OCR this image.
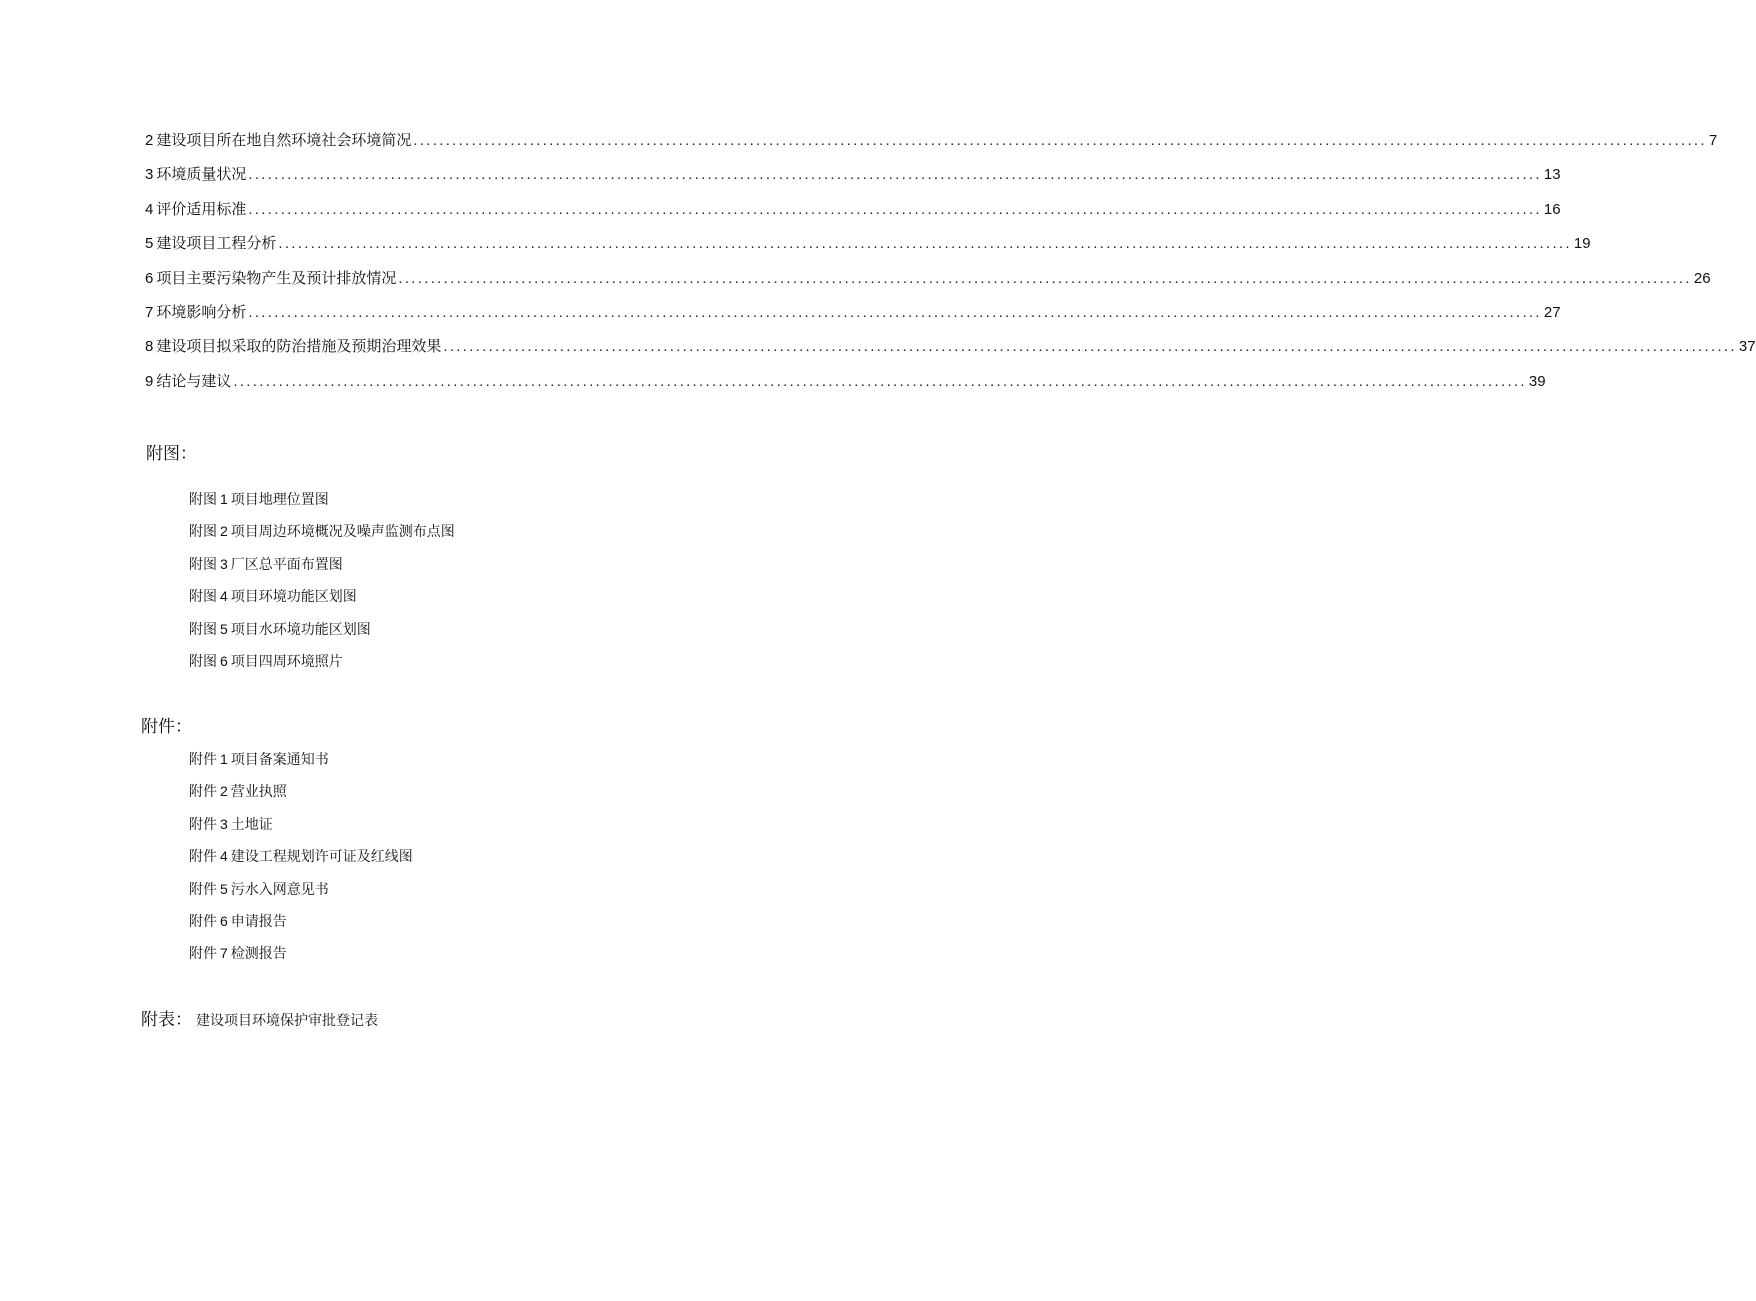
2 建设项目所在地自然环境社会环境简况 ........................................................................................................................................................................................................ 7
3 环境质量状况 ........................................................................................................................................................................................................ 13
4 评价适用标准 ........................................................................................................................................................................................................ 16
5 建设项目工程分析 ........................................................................................................................................................................................................ 19
6 项目主要污染物产生及预计排放情况 ........................................................................................................................................................................................................ 26
7 环境影响分析 ........................................................................................................................................................................................................ 27
8 建设项目拟采取的防治措施及预期治理效果 ........................................................................................................................................................................................................ 37
9 结论与建议 ........................................................................................................................................................................................................ 39
附图：
附图 1 项目地理位置图
附图 2 项目周边环境概况及噪声监测布点图
附图 3 厂区总平面布置图
附图 4 项目环境功能区划图
附图 5 项目水环境功能区划图
附图 6 项目四周环境照片
附件：
附件 1 项目备案通知书
附件 2 营业执照
附件 3 土地证
附件 4 建设工程规划许可证及红线图
附件 5 污水入网意见书
附件 6 申请报告
附件 7 检测报告
附表： 建设项目环境保护审批登记表
